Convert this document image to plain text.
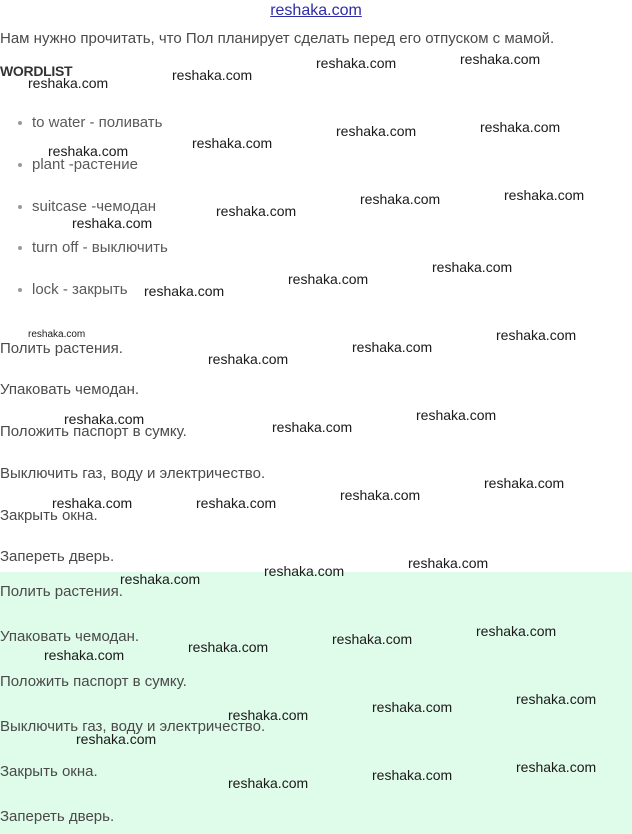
reshaka.com
Нам нужно прочитать, что Пол планирует сделать перед его отпуском с мамой.
WORDLIST
to water - поливать
plant -растение
suitcase -чемодан
turn off - выключить
lock - закрыть
Полить растения.
Упаковать чемодан.
Положить паспорт в сумку.
Выключить газ, воду и электричество.
Закрыть окна.
Запереть дверь.
Полить растения.
Упаковать чемодан.
Положить паспорт в сумку.
Выключить газ, воду и электричество.
Закрыть окна.
Запереть дверь.
reshaka.com	reshaka.com
reshaka.com
reshaka.com
reshaka.com
reshaka.com
reshaka.com
reshaka.com
reshaka.com
reshaka.com
reshaka.com
reshaka.com
reshaka.com
reshaka.com
reshaka.com
reshaka.com	reshaka.com
reshaka.com
reshaka.com
reshaka.com
reshaka.com	reshaka.com
reshaka.com
reshaka.com
reshaka.com	reshaka.com
reshaka.com
reshaka.com
reshaka.com
reshaka.com
reshaka.com
reshaka.com
reshaka.com
reshaka.com
reshaka.com
reshaka.com
reshaka.com
reshaka.com
reshaka.com
reshaka.com
